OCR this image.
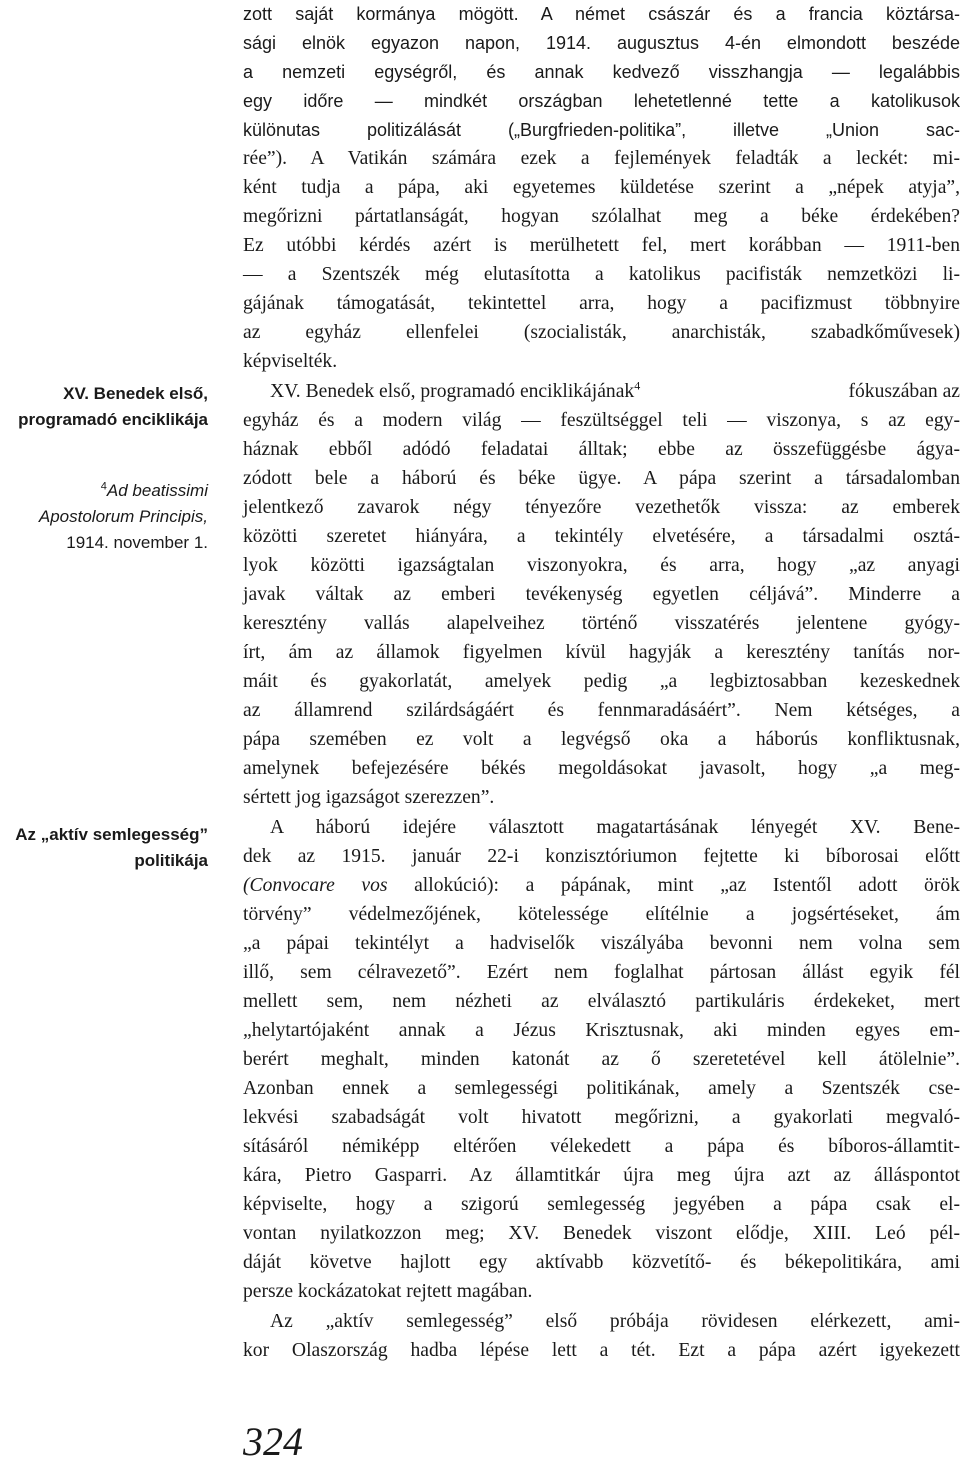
XV. Benedek első,
programadó enciklikája
$^4$Ad beatissimi
Apostolorum Principis,
1914. november 1.
Az „aktív semlegesség”
politikája
zott saját kormánya mögött. A német császár és a francia köztársa-
sági elnök egyazon napon, 1914. augusztus 4-én elmondott beszéde
a nemzeti egységről, és annak kedvező visszhangja — legalábbis
egy időre — mindkét országban lehetetlenné tette a katolikusok
különutas politizálását („Burgfrieden-politika”, illetve „Union sac-
rée”). A Vatikán számára ezek a fejlemények feladták a leckét: mi-
ként tudja a pápa, aki egyetemes küldetése szerint a „népek atyja”,
megőrizni pártatlanságát, hogyan szólalhat meg a béke érdekében?
Ez utóbbi kérdés azért is merülhetett fel, mert korábban — 1911-ben
— a Szentszék még elutasította a katolikus pacifisták nemzetközi li-
gájának támogatását, tekintettel arra, hogy a pacifizmust többnyire
az egyház ellenfelei (szocialisták, anarchisták, szabadkőművesek)
képviselték.
XV. Benedek első, programadó enciklikájának$^4$	fókuszában az
egyház és a modern világ — feszültséggel teli — viszonya, s az egy-
háznak ebből adódó feladatai álltak; ebbe az összefüggésbe ágya-
zódott bele a háború és béke ügye. A pápa szerint a társadalomban
jelentkező zavarok négy tényezőre vezethetők vissza: az emberek
közötti szeretet hiányára, a tekintély elvetésére, a társadalmi osztá-
lyok közötti igazságtalan viszonyokra, és arra, hogy „az anyagi
javak váltak az emberi tevékenység egyetlen céljává”. Minderre a
keresztény vallás alapelveihez történő visszatérés jelentene gyógy-
írt, ám az államok figyelmen kívül hagyják a keresztény tanítás nor-
máit és gyakorlatát, amelyek pedig „a legbiztosabban kezeskednek
az államrend szilárdságáért és fennmaradásáért”. Nem kétséges, a
pápa szemében ez volt a legvégső oka a háborús konfliktusnak,
amelynek befejezésére békés megoldásokat javasolt, hogy „a meg-
sértett jog igazságot szerezzen”.
A háború idejére választott magatartásának lényegét XV. Bene-
dek az 1915. január 22-i konzisztóriumon fejtette ki bíborosai előtt
(Convocare vos allokúció): a pápának, mint „az Istentől adott örök
törvény” védelmezőjének, kötelessége elítélnie a jogsértéseket, ám
„a pápai tekintélyt a hadviselők viszályába bevonni nem volna sem
illő, sem célravezető”. Ezért nem foglalhat pártosan állást egyik fél
mellett sem, nem nézheti az elválasztó partikuláris érdekeket, mert
„helytartójaként annak a Jézus Krisztusnak, aki minden egyes em-
berért meghalt, minden katonát az ő szeretetével kell átölelnie”.
Azonban ennek a semlegességi politikának, amely a Szentszék cse-
lekvési szabadságát volt hivatott megőrizni, a gyakorlati megvaló-
sításáról némiképp eltérően vélekedett a pápa és bíboros-államtit-
kára, Pietro Gasparri. Az államtitkár újra meg újra azt az álláspontot
képviselte, hogy a szigorú semlegesség jegyében a pápa csak el-
vontan nyilatkozzon meg; XV. Benedek viszont elődje, XIII. Leó pél-
dáját követve hajlott egy aktívabb közvetítő- és békepolitikára, ami
persze kockázatokat rejtett magában.
Az „aktív semlegesség” első próbája rövidesen elérkezett, ami-
kor Olaszország hadba lépése lett a tét. Ezt a pápa azért igyekezett
324
